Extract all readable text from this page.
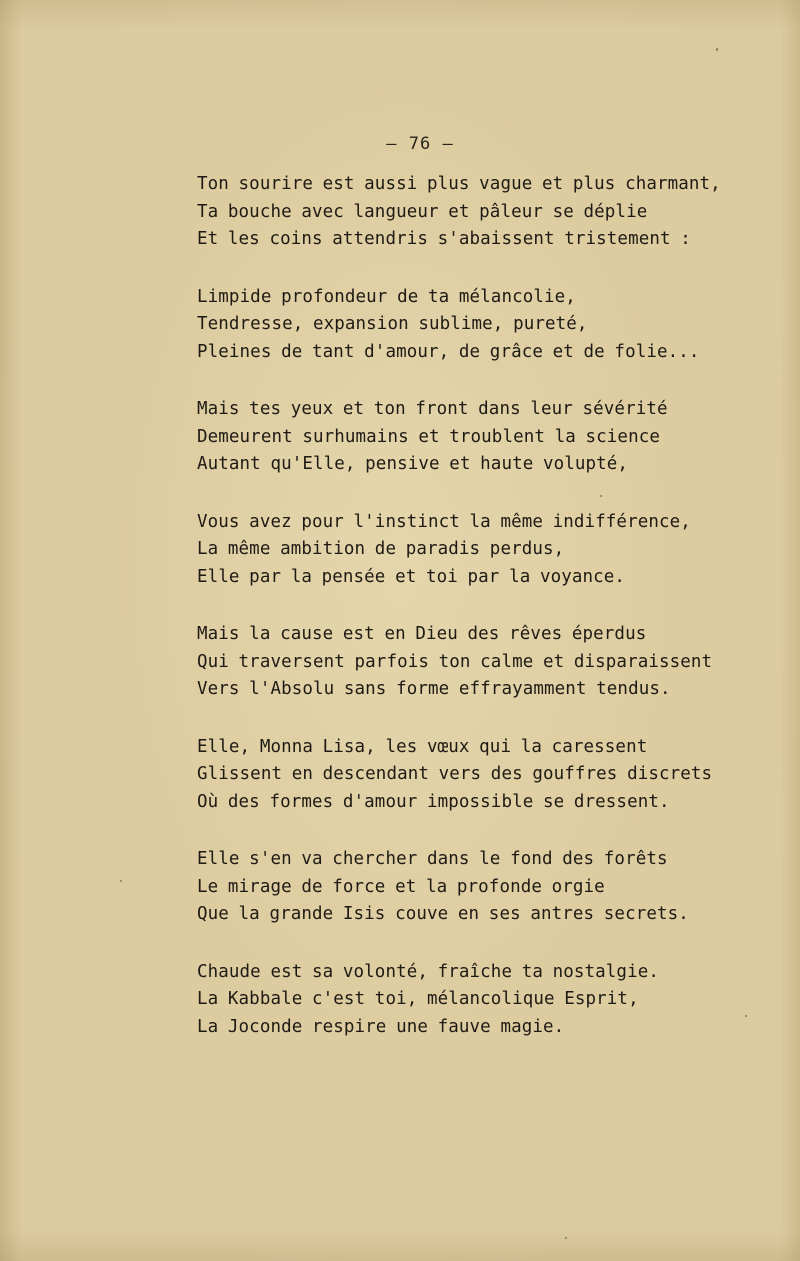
— 76 —
Ton sourire est aussi plus vague et plus charmant,
Ta bouche avec langueur et pâleur se déplie
Et les coins attendris s'abaissent tristement :
Limpide profondeur de ta mélancolie,
Tendresse, expansion sublime, pureté,
Pleines de tant d'amour, de grâce et de folie...
Mais tes yeux et ton front dans leur sévérité
Demeurent surhumains et troublent la science
Autant qu'Elle, pensive et haute volupté,
Vous avez pour l'instinct la même indifférence,
La même ambition de paradis perdus,
Elle par la pensée et toi par la voyance.
Mais la cause est en Dieu des rêves éperdus
Qui traversent parfois ton calme et disparaissent
Vers l'Absolu sans forme effrayamment tendus.
Elle, Monna Lisa, les vœux qui la caressent
Glissent en descendant vers des gouffres discrets
Où des formes d'amour impossible se dressent.
Elle s'en va chercher dans le fond des forêts
Le mirage de force et la profonde orgie
Que la grande Isis couve en ses antres secrets.
Chaude est sa volonté, fraîche ta nostalgie.
La Kabbale c'est toi, mélancolique Esprit,
La Joconde respire une fauve magie.
